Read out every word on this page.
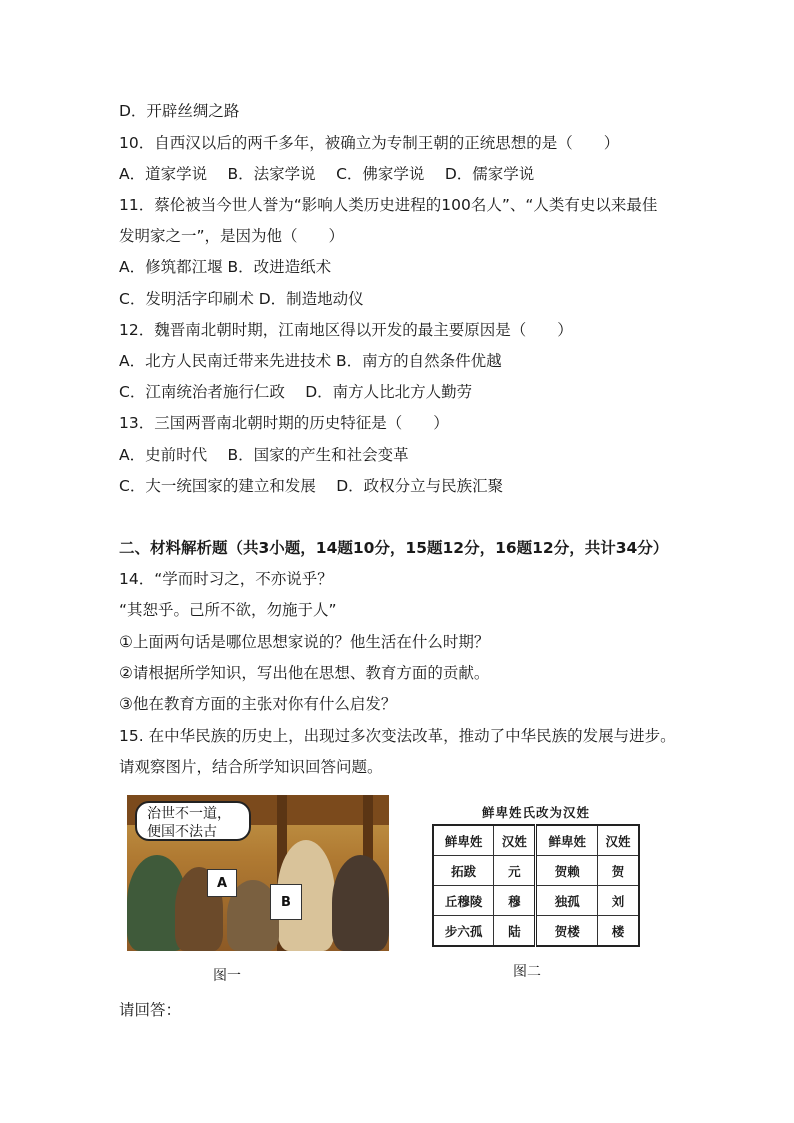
D．开辟丝绸之路
10．自西汉以后的两千多年，被确立为专制王朝的正统思想的是（　　）
A．道家学说　 B．法家学说　 C．佛家学说　 D．儒家学说
11．蔡伦被当今世人誉为“影响人类历史进程的100名人”、“人类有史以来最佳
发明家之一”，是因为他（　　）
A．修筑都江堰 B．改进造纸术
C．发明活字印刷术 D．制造地动仪
12．魏晋南北朝时期，江南地区得以开发的最主要原因是（　　）
A．北方人民南迁带来先进技术 B．南方的自然条件优越
C．江南统治者施行仁政　 D．南方人比北方人勤劳
13．三国两晋南北朝时期的历史特征是（　　）
A．史前时代　 B．国家的产生和社会变革
C．大一统国家的建立和发展　 D．政权分立与民族汇聚
二、材料解析题（共3小题，14题10分，15题12分，16题12分，共计34分）
14．“学而时习之，不亦说乎？
“其恕乎。己所不欲，勿施于人”
①上面两句话是哪位思想家说的？他生活在什么时期？
②请根据所学知识，写出他在思想、教育方面的贡献。
③他在教育方面的主张对你有什么启发？
15. 在中华民族的历史上，出现过多次变法改革，推动了中华民族的发展与进步。
请观察图片，结合所学知识回答问题。
治世不一道，
便国不法古
A
B
图一
鲜卑姓氏改为汉姓
鲜卑姓	汉姓	鲜卑姓	汉姓
拓跋	元	贺赖	贺
丘穆陵	穆	独孤	刘
步六孤	陆	贺楼	楼
图二
请回答：
